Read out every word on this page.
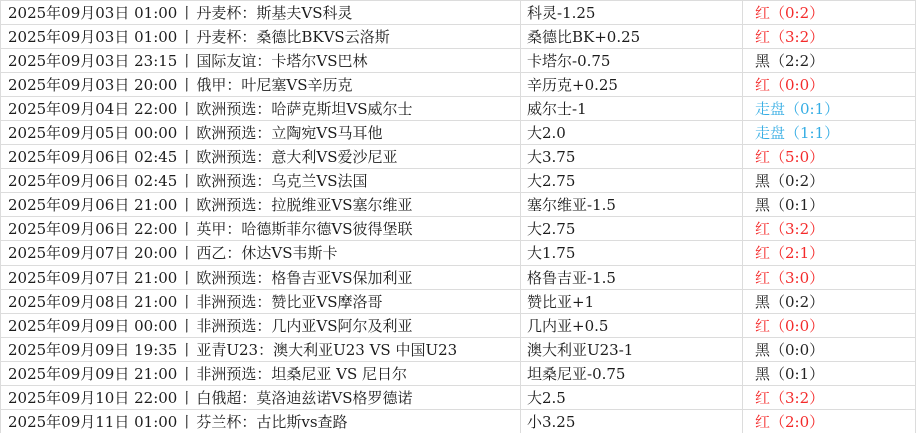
2025年09月03日 01:00 丨 丹麦杯：斯基夫VS科灵	科灵-1.25	红（0:2）
2025年09月03日 01:00 丨 丹麦杯：桑德比BKVS云洛斯	桑德比BK+0.25	红（3:2）
2025年09月03日 23:15 丨 国际友谊：卡塔尔VS巴林	卡塔尔-0.75	黑（2:2）
2025年09月03日 20:00 丨 俄甲：叶尼塞VS辛历克	辛历克+0.25	红（0:0）
2025年09月04日 22:00 丨 欧洲预选：哈萨克斯坦VS威尔士	威尔士-1	走盘（0:1）
2025年09月05日 00:00 丨 欧洲预选：立陶宛VS马耳他	大2.0	走盘（1:1）
2025年09月06日 02:45 丨 欧洲预选：意大利VS爱沙尼亚	大3.75	红（5:0）
2025年09月06日 02:45 丨 欧洲预选：乌克兰VS法国	大2.75	黑（0:2）
2025年09月06日 21:00 丨 欧洲预选：拉脱维亚VS塞尔维亚	塞尔维亚-1.5	黑（0:1）
2025年09月06日 22:00 丨 英甲：哈德斯菲尔德VS彼得堡联	大2.75	红（3:2）
2025年09月07日 20:00 丨 西乙：休达VS韦斯卡	大1.75	红（2:1）
2025年09月07日 21:00 丨 欧洲预选：格鲁吉亚VS保加利亚	格鲁吉亚-1.5	红（3:0）
2025年09月08日 21:00 丨 非洲预选：赞比亚VS摩洛哥	赞比亚+1	黑（0:2）
2025年09月09日 00:00 丨 非洲预选：几内亚VS阿尔及利亚	几内亚+0.5	红（0:0）
2025年09月09日 19:35 丨 亚青U23：澳大利亚U23 VS 中国U23	澳大利亚U23-1	黑（0:0）
2025年09月09日 21:00 丨 非洲预选：坦桑尼亚 VS 尼日尔	坦桑尼亚-0.75	黑（0:1）
2025年09月10日 22:00 丨 白俄超：莫洛迪兹诺VS格罗德诺	大2.5	红（3:2）
2025年09月11日 01:00 丨 芬兰杯：古比斯vs查路	小3.25	红（2:0）
